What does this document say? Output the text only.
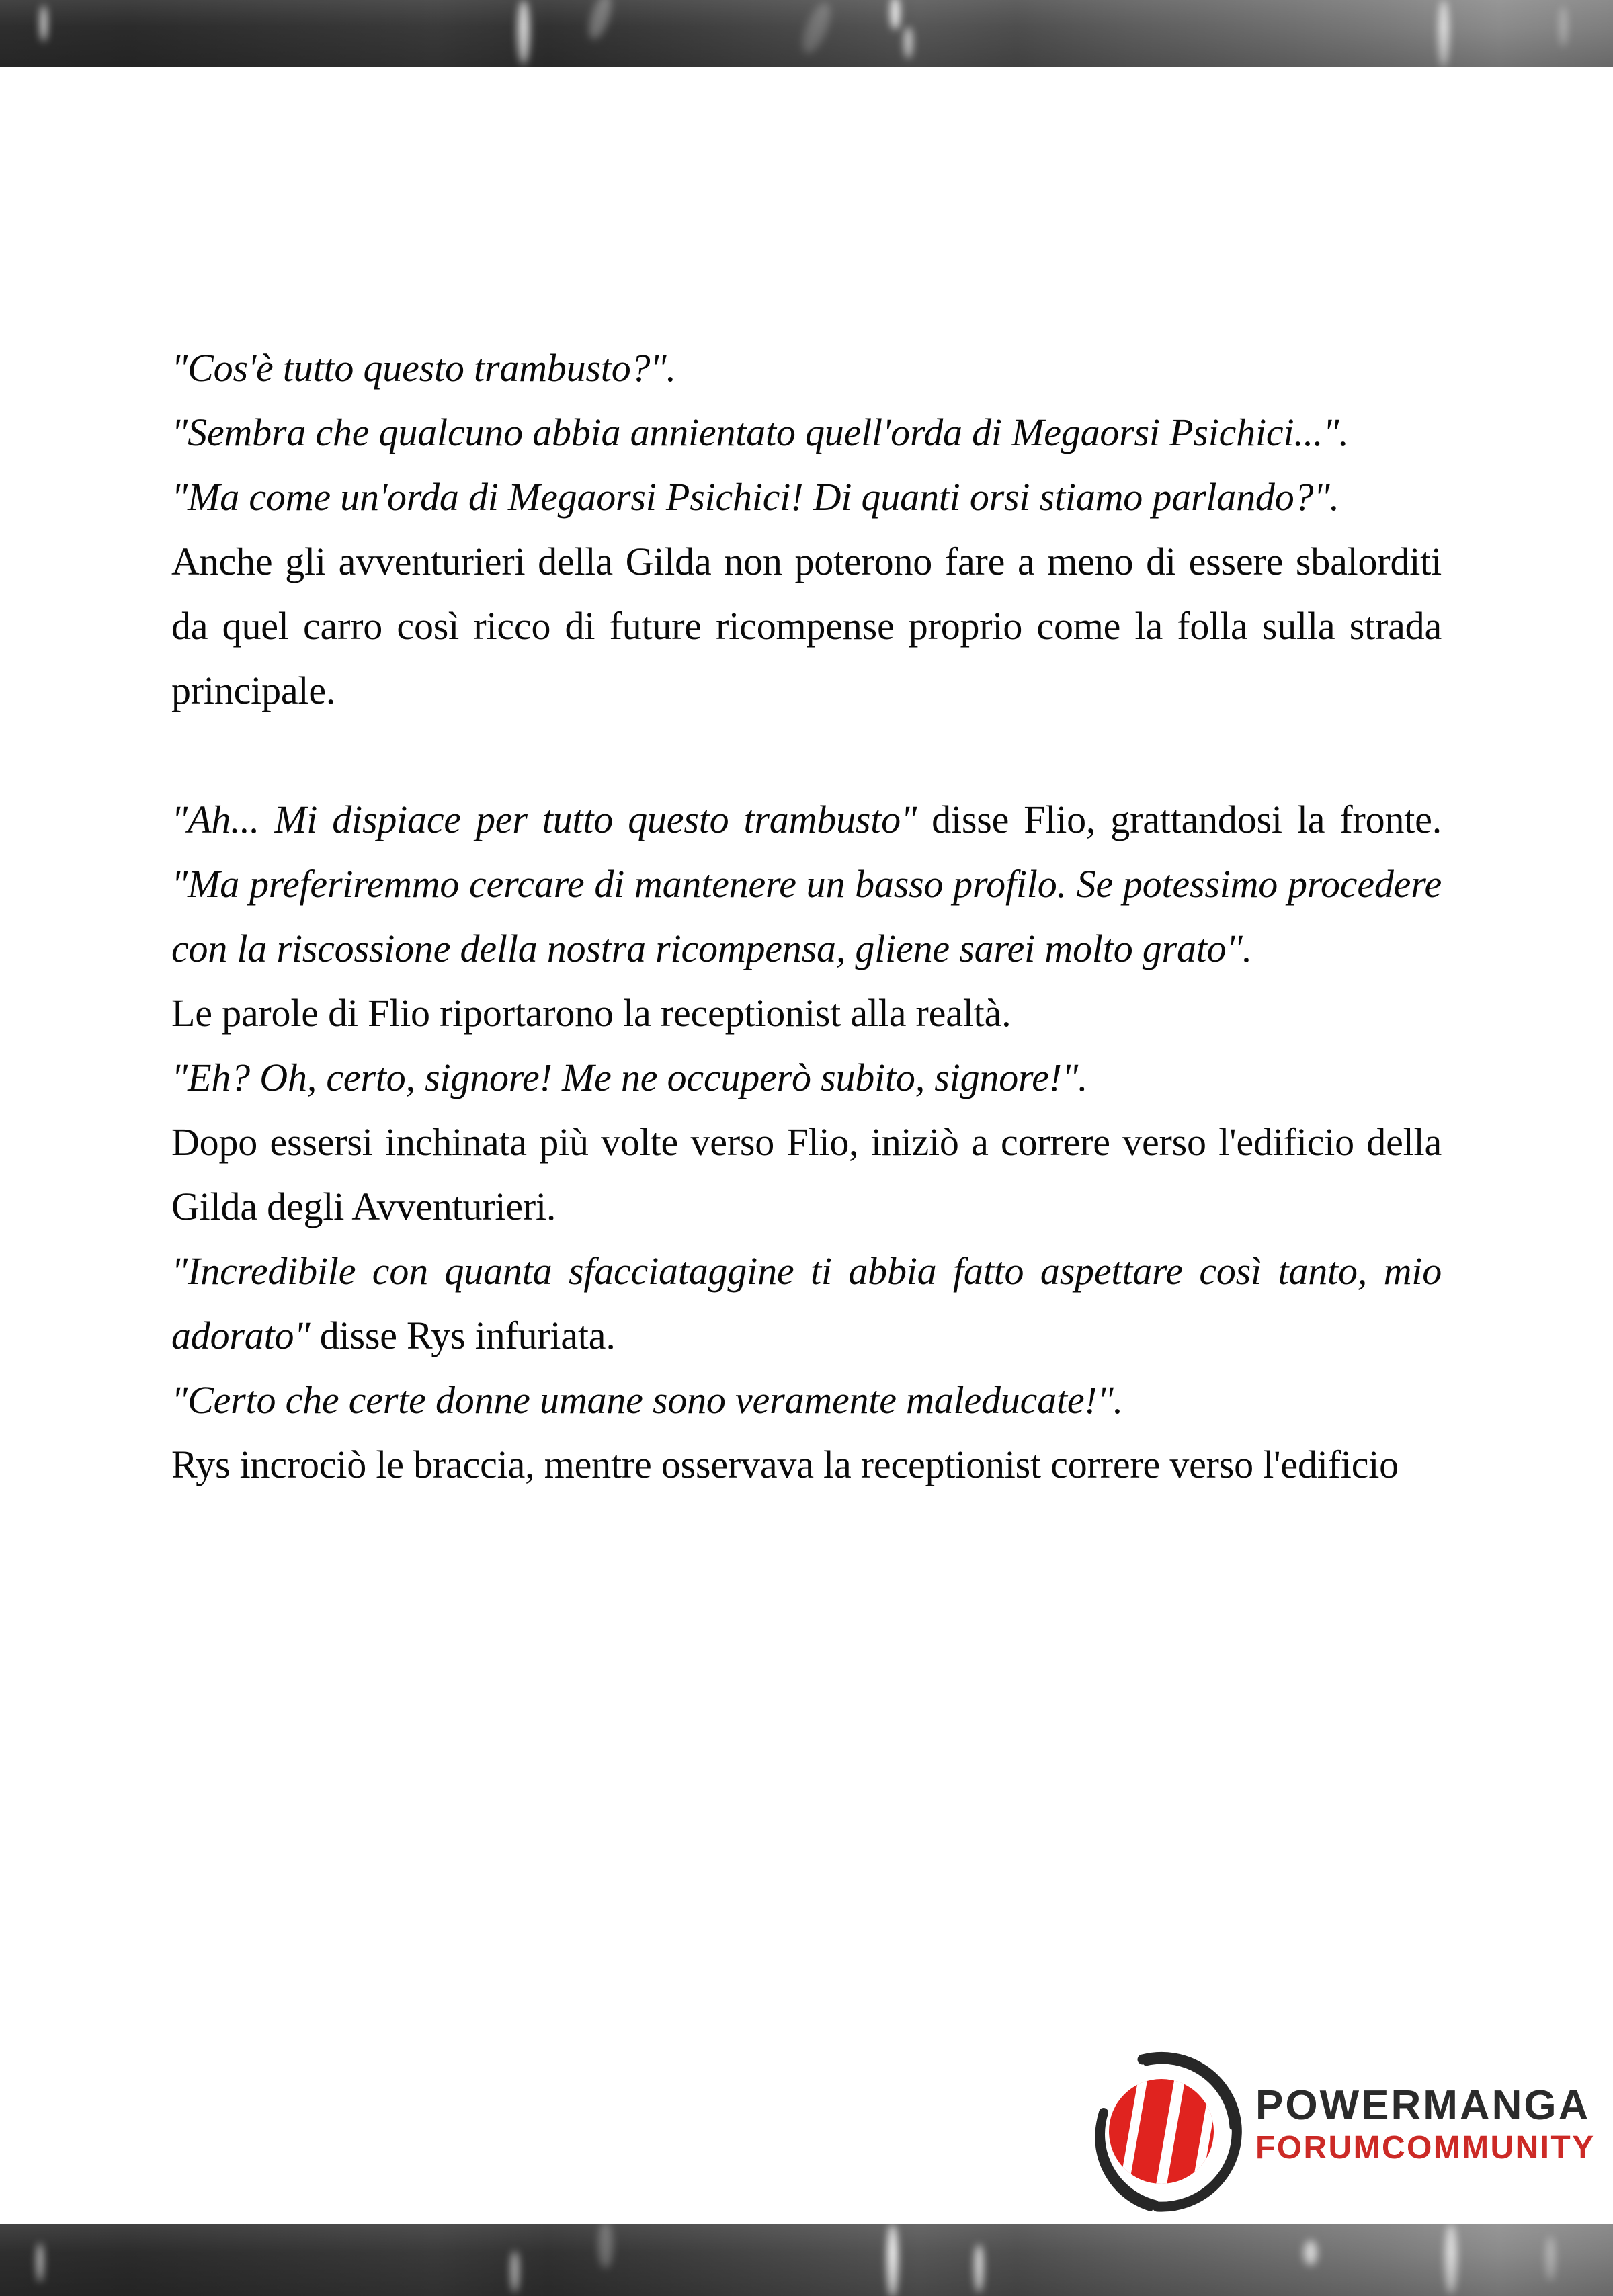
"Cos'è tutto questo trambusto?".
"Sembra che qualcuno abbia annientato quell'orda di Megaorsi Psichici...".
"Ma come un'orda di Megaorsi Psichici! Di quanti orsi stiamo parlando?".
Anche gli avventurieri della Gilda non poterono fare a meno di essere sbalorditi da quel carro così ricco di future ricompense proprio come la folla sulla strada principale.

"Ah... Mi dispiace per tutto questo trambusto" disse Flio, grattandosi la fronte. "Ma preferiremmo cercare di mantenere un basso profilo. Se potessimo procedere con la riscossione della nostra ricompensa, gliene sarei molto grato".
Le parole di Flio riportarono la receptionist alla realtà.
"Eh? Oh, certo, signore! Me ne occuperò subito, signore!".
Dopo essersi inchinata più volte verso Flio, iniziò a correre verso l'edificio della Gilda degli Avventurieri.
"Incredibile con quanta sfacciataggine ti abbia fatto aspettare così tanto, mio adorato" disse Rys infuriata.
"Certo che certe donne umane sono veramente maleducate!".
Rys incrociò le braccia, mentre osservava la receptionist correre verso l'edificio

POWERMANGA
FORUMCOMMUNITY
